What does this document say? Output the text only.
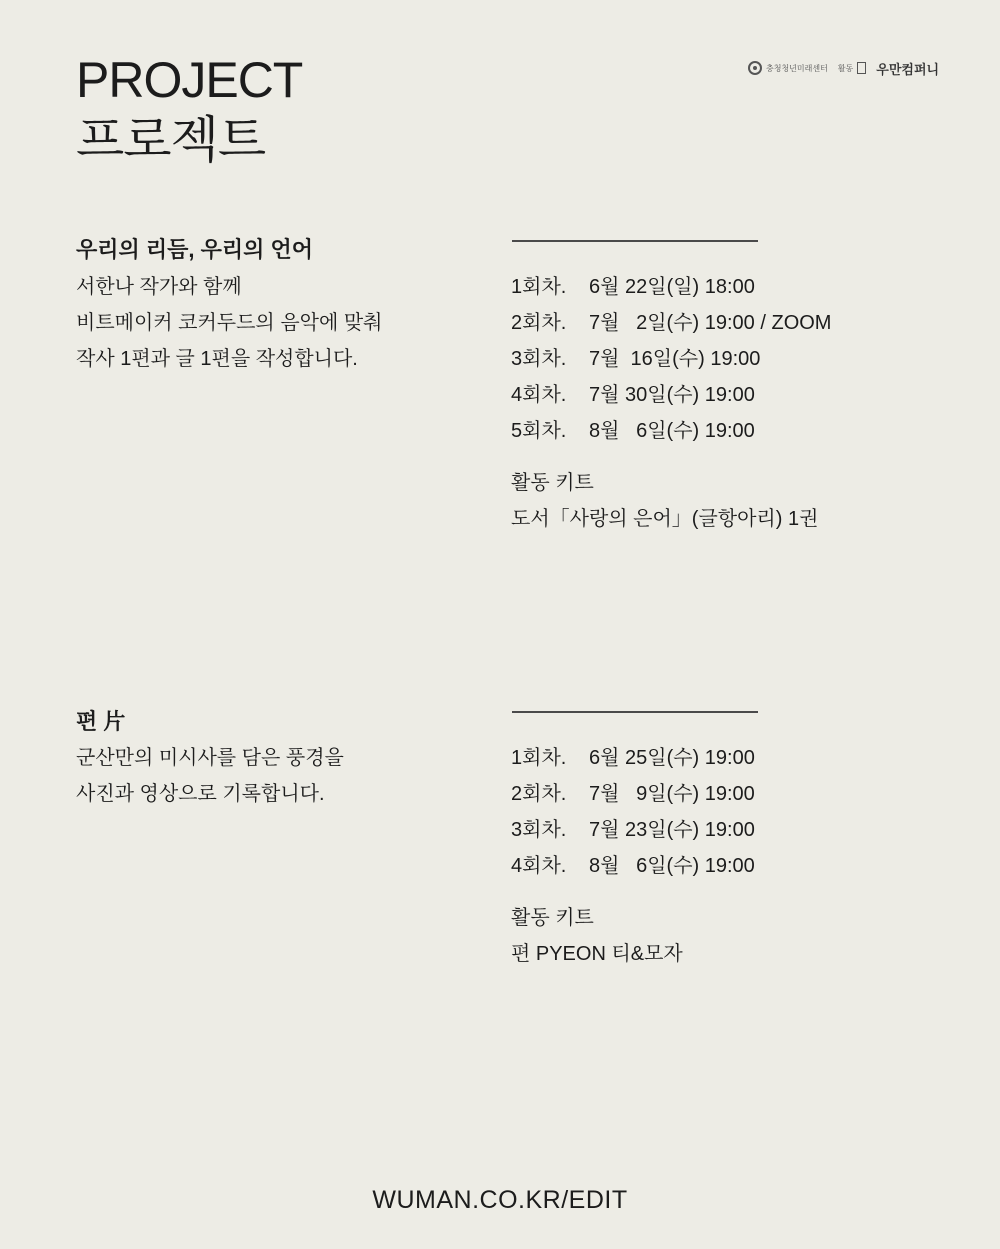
PROJECT
프로젝트
충청청년미래센터 활동 우만컴퍼니
우리의 리듬, 우리의 언어
서한나 작가와 함께
비트메이커 코커두드의 음악에 맞춰
작사 1편과 글 1편을 작성합니다.
1회차. 6월 22일(일) 18:00
2회차. 7월   2일(수) 19:00 / ZOOM
3회차. 7월  16일(수) 19:00
4회차. 7월 30일(수) 19:00
5회차. 8월   6일(수) 19:00
활동 키트
도서「사랑의 은어」(글항아리) 1권
편 片
군산만의 미시사를 담은 풍경을
사진과 영상으로 기록합니다.
1회차. 6월 25일(수) 19:00
2회차. 7월   9일(수) 19:00
3회차. 7월 23일(수) 19:00
4회차. 8월   6일(수) 19:00
활동 키트
편 PYEON 티&모자
WUMAN.CO.KR/EDIT
